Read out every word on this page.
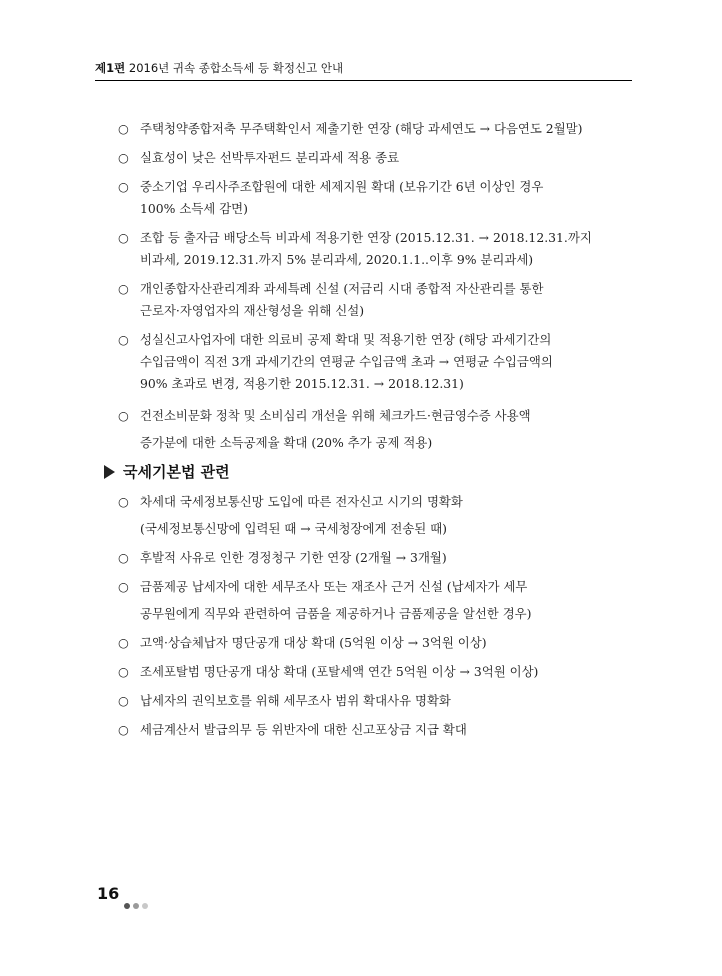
제1편 2016년 귀속 종합소득세 등 확정신고 안내
○ 주택청약종합저축 무주택확인서 제출기한 연장 (해당 과세연도 → 다음연도 2월말)
○ 실효성이 낮은 선박투자펀드 분리과세 적용 종료
○ 중소기업 우리사주조합원에 대한 세제지원 확대 (보유기간 6년 이상인 경우
100% 소득세 감면)
○ 조합 등 출자금 배당소득 비과세 적용기한 연장 (2015.12.31. → 2018.12.31.까지
비과세, 2019.12.31.까지 5% 분리과세, 2020.1.1..이후 9% 분리과세)
○ 개인종합자산관리계좌 과세특례 신설 (저금리 시대 종합적 자산관리를 통한
근로자·자영업자의 재산형성을 위해 신설)
○ 성실신고사업자에 대한 의료비 공제 확대 및 적용기한 연장 (해당 과세기간의
수입금액이 직전 3개 과세기간의 연평균 수입금액 초과 → 연평균 수입금액의
90% 초과로 변경, 적용기한 2015.12.31. → 2018.12.31)
○ 건전소비문화 정착 및 소비심리 개선을 위해 체크카드·현금영수증 사용액
증가분에 대한 소득공제율 확대 (20% 추가 공제 적용)
국세기본법 관련
○ 차세대 국세정보통신망 도입에 따른 전자신고 시기의 명확화
(국세정보통신망에 입력된 때 → 국세청장에게 전송된 때)
○ 후발적 사유로 인한 경정청구 기한 연장 (2개월 → 3개월)
○ 금품제공 납세자에 대한 세무조사 또는 재조사 근거 신설 (납세자가 세무
공무원에게 직무와 관련하여 금품을 제공하거나 금품제공을 알선한 경우)
○ 고액·상습체납자 명단공개 대상 확대 (5억원 이상 → 3억원 이상)
○ 조세포탈범 명단공개 대상 확대 (포탈세액 연간 5억원 이상 → 3억원 이상)
○ 납세자의 권익보호를 위해 세무조사 범위 확대사유 명확화
○ 세금계산서 발급의무 등 위반자에 대한 신고포상금 지급 확대
16
